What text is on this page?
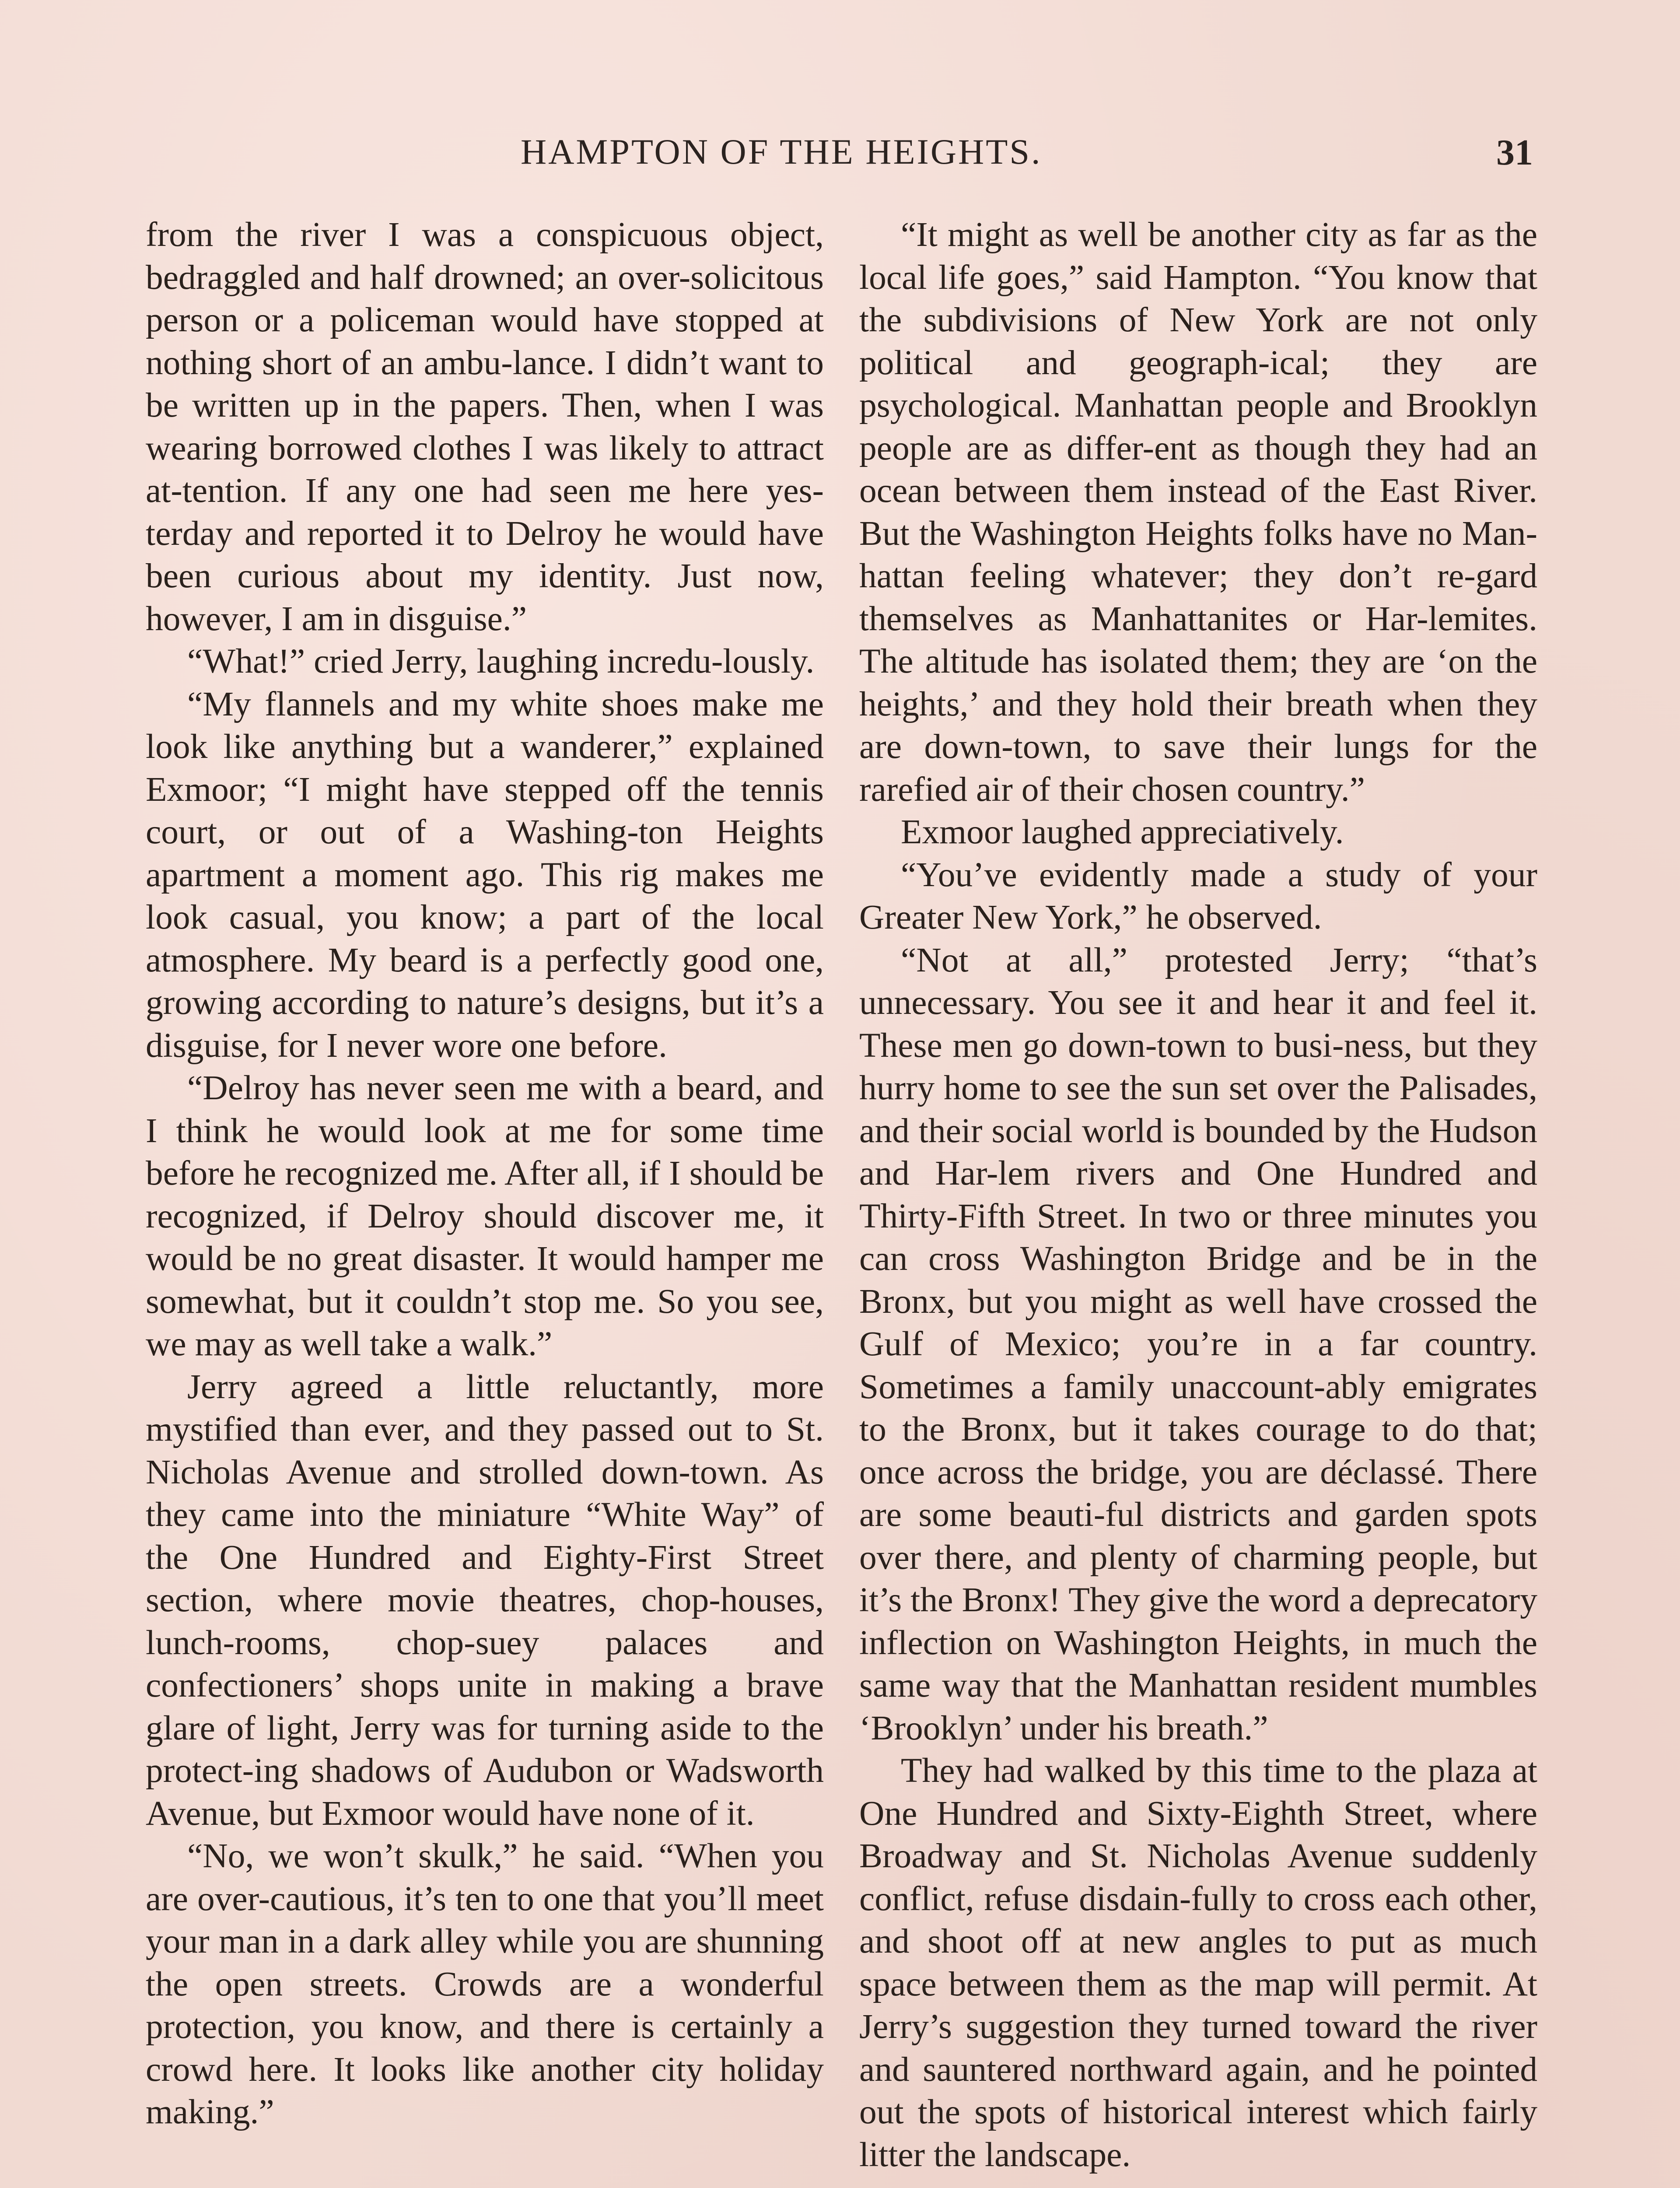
HAMPTON OF THE HEIGHTS.	31

from the river I was a conspicuous object, bedraggled and half drowned; an over-solicitous person or a policeman would have stopped at nothing short of an ambu-lance. I didn’t want to be written up in the papers. Then, when I was wearing borrowed clothes I was likely to attract at-tention. If any one had seen me here yes-terday and reported it to Delroy he would have been curious about my identity. Just now, however, I am in disguise.”

“What!” cried Jerry, laughing incredu-lously.

“My flannels and my white shoes make me look like anything but a wanderer,” explained Exmoor; “I might have stepped off the tennis court, or out of a Washing-ton Heights apartment a moment ago. This rig makes me look casual, you know; a part of the local atmosphere. My beard is a perfectly good one, growing according to nature’s designs, but it’s a disguise, for I never wore one before.

“Delroy has never seen me with a beard, and I think he would look at me for some time before he recognized me. After all, if I should be recognized, if Delroy should discover me, it would be no great disaster. It would hamper me somewhat, but it couldn’t stop me. So you see, we may as well take a walk.”

Jerry agreed a little reluctantly, more mystified than ever, and they passed out to St. Nicholas Avenue and strolled down-town. As they came into the miniature “White Way” of the One Hundred and Eighty-First Street section, where movie theatres, chop-houses, lunch-rooms, chop-suey palaces and confectioners’ shops unite in making a brave glare of light, Jerry was for turning aside to the protect-ing shadows of Audubon or Wadsworth Avenue, but Exmoor would have none of it.

“No, we won’t skulk,” he said. “When you are over-cautious, it’s ten to one that you’ll meet your man in a dark alley while you are shunning the open streets. Crowds are a wonderful protection, you know, and there is certainly a crowd here. It looks like another city holiday making.”

“It might as well be another city as far as the local life goes,” said Hampton. “You know that the subdivisions of New York are not only political and geograph-ical; they are psychological. Manhattan people and Brooklyn people are as differ-ent as though they had an ocean between them instead of the East River. But the Washington Heights folks have no Man-hattan feeling whatever; they don’t re-gard themselves as Manhattanites or Har-lemites. The altitude has isolated them; they are ‘on the heights,’ and they hold their breath when they are down-town, to save their lungs for the rarefied air of their chosen country.”

Exmoor laughed appreciatively.

“You’ve evidently made a study of your Greater New York,” he observed.

“Not at all,” protested Jerry; “that’s unnecessary. You see it and hear it and feel it. These men go down-town to busi-ness, but they hurry home to see the sun set over the Palisades, and their social world is bounded by the Hudson and Har-lem rivers and One Hundred and Thirty-Fifth Street. In two or three minutes you can cross Washington Bridge and be in the Bronx, but you might as well have crossed the Gulf of Mexico; you’re in a far country. Sometimes a family unaccount-ably emigrates to the Bronx, but it takes courage to do that; once across the bridge, you are déclassé. There are some beauti-ful districts and garden spots over there, and plenty of charming people, but it’s the Bronx! They give the word a deprecatory inflection on Washington Heights, in much the same way that the Manhattan resident mumbles ‘Brooklyn’ under his breath.”

They had walked by this time to the plaza at One Hundred and Sixty-Eighth Street, where Broadway and St. Nicholas Avenue suddenly conflict, refuse disdain-fully to cross each other, and shoot off at new angles to put as much space between them as the map will permit. At Jerry’s suggestion they turned toward the river and sauntered northward again, and he pointed out the spots of historical interest which fairly litter the landscape.
